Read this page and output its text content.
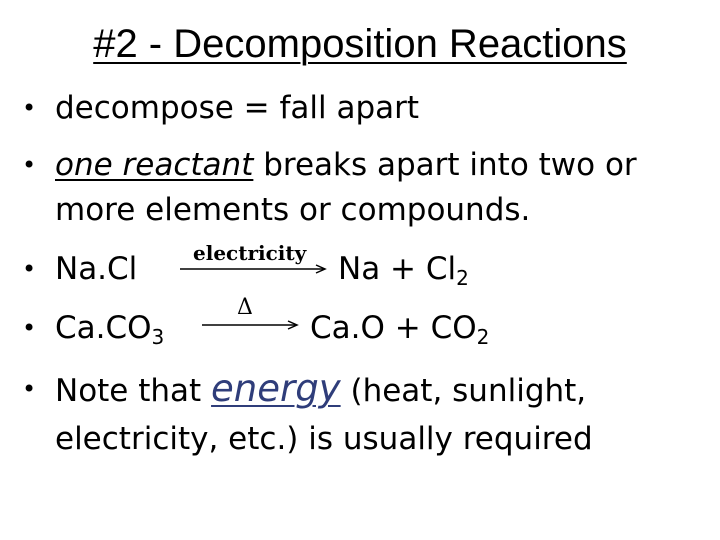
#2 - Decomposition Reactions
• decompose = fall apart
• one reactant breaks apart into two or
more elements or compounds.
• Na.Cl	$Na + Cl_2$
electricity
• $Ca.CO_3$	$Ca.O + CO_2$
Δ
• Note that energy (heat, sunlight,
electricity, etc.) is usually required
